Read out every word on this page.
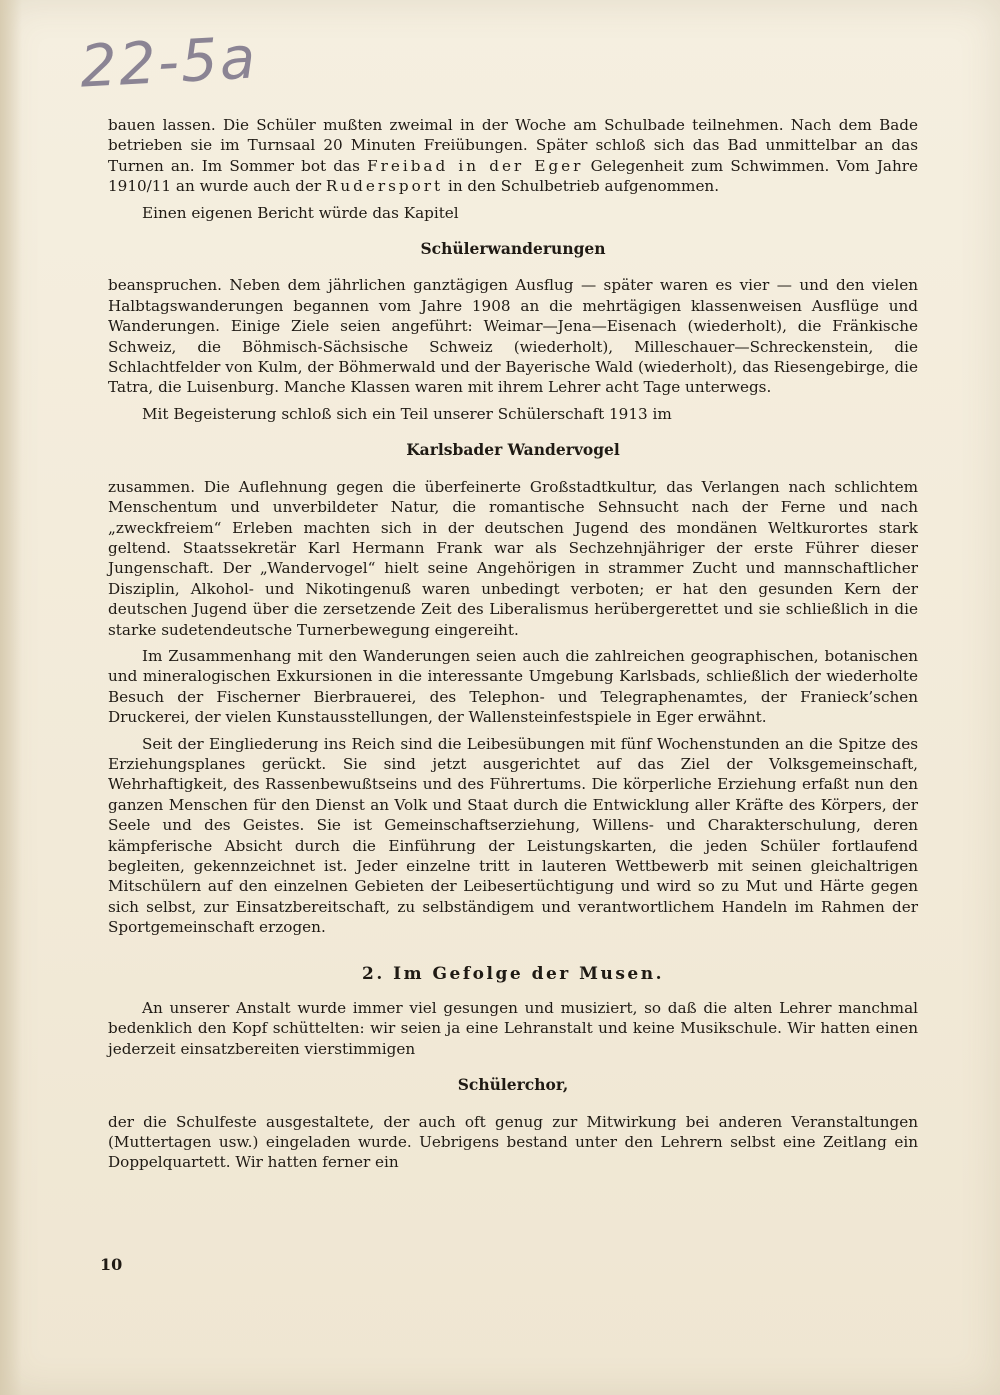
22-5a

bauen lassen. Die Schüler mußten zweimal in der Woche am Schulbade teilnehmen. Nach dem Bade betrieben sie im Turnsaal 20 Minuten Freiübungen. Später schloß sich das Bad unmittelbar an das Turnen an. Im Sommer bot das Freibad in der Eger Gelegenheit zum Schwimmen. Vom Jahre 1910/11 an wurde auch der Rudersport in den Schulbetrieb aufgenommen.

Einen eigenen Bericht würde das Kapitel

Schülerwanderungen

beanspruchen. Neben dem jährlichen ganztägigen Ausflug — später waren es vier — und den vielen Halbtagswanderungen begannen vom Jahre 1908 an die mehrtägigen klassenweisen Ausflüge und Wanderungen. Einige Ziele seien angeführt: Weimar—Jena—Eisenach (wiederholt), die Fränkische Schweiz, die Böhmisch-Sächsische Schweiz (wiederholt), Milleschauer—Schreckenstein, die Schlachtfelder von Kulm, der Böhmerwald und der Bayerische Wald (wiederholt), das Riesengebirge, die Tatra, die Luisenburg. Manche Klassen waren mit ihrem Lehrer acht Tage unterwegs.

Mit Begeisterung schloß sich ein Teil unserer Schülerschaft 1913 im

Karlsbader Wandervogel

zusammen. Die Auflehnung gegen die überfeinerte Großstadtkultur, das Verlangen nach schlichtem Menschentum und unverbildeter Natur, die romantische Sehnsucht nach der Ferne und nach „zweckfreiem“ Erleben machten sich in der deutschen Jugend des mondänen Weltkurortes stark geltend. Staatssekretär Karl Hermann Frank war als Sechzehnjähriger der erste Führer dieser Jungenschaft. Der „Wandervogel“ hielt seine Angehörigen in strammer Zucht und mannschaftlicher Disziplin, Alkohol- und Nikotingenuß waren unbedingt verboten; er hat den gesunden Kern der deutschen Jugend über die zersetzende Zeit des Liberalismus herübergerettet und sie schließlich in die starke sudetendeutsche Turnerbewegung eingereiht.

Im Zusammenhang mit den Wanderungen seien auch die zahlreichen geographischen, botanischen und mineralogischen Exkursionen in die interessante Umgebung Karlsbads, schließlich der wiederholte Besuch der Fischerner Bierbrauerei, des Telephon- und Telegraphenamtes, der Franieck’schen Druckerei, der vielen Kunstausstellungen, der Wallensteinfestspiele in Eger erwähnt.

Seit der Eingliederung ins Reich sind die Leibesübungen mit fünf Wochenstunden an die Spitze des Erziehungsplanes gerückt. Sie sind jetzt ausgerichtet auf das Ziel der Volksgemeinschaft, Wehrhaftigkeit, des Rassenbewußtseins und des Führertums. Die körperliche Erziehung erfaßt nun den ganzen Menschen für den Dienst an Volk und Staat durch die Entwicklung aller Kräfte des Körpers, der Seele und des Geistes. Sie ist Gemeinschaftserziehung, Willens- und Charakterschulung, deren kämpferische Absicht durch die Einführung der Leistungskarten, die jeden Schüler fortlaufend begleiten, gekennzeichnet ist. Jeder einzelne tritt in lauteren Wettbewerb mit seinen gleichaltrigen Mitschülern auf den einzelnen Gebieten der Leibesertüchtigung und wird so zu Mut und Härte gegen sich selbst, zur Einsatzbereitschaft, zu selbständigem und verantwortlichem Handeln im Rahmen der Sportgemeinschaft erzogen.

2. Im Gefolge der Musen.

An unserer Anstalt wurde immer viel gesungen und musiziert, so daß die alten Lehrer manchmal bedenklich den Kopf schüttelten: wir seien ja eine Lehranstalt und keine Musikschule. Wir hatten einen jederzeit einsatzbereiten vierstimmigen

Schülerchor,

der die Schulfeste ausgestaltete, der auch oft genug zur Mitwirkung bei anderen Veranstaltungen (Muttertagen usw.) eingeladen wurde. Uebrigens bestand unter den Lehrern selbst eine Zeitlang ein Doppelquartett. Wir hatten ferner ein

10
